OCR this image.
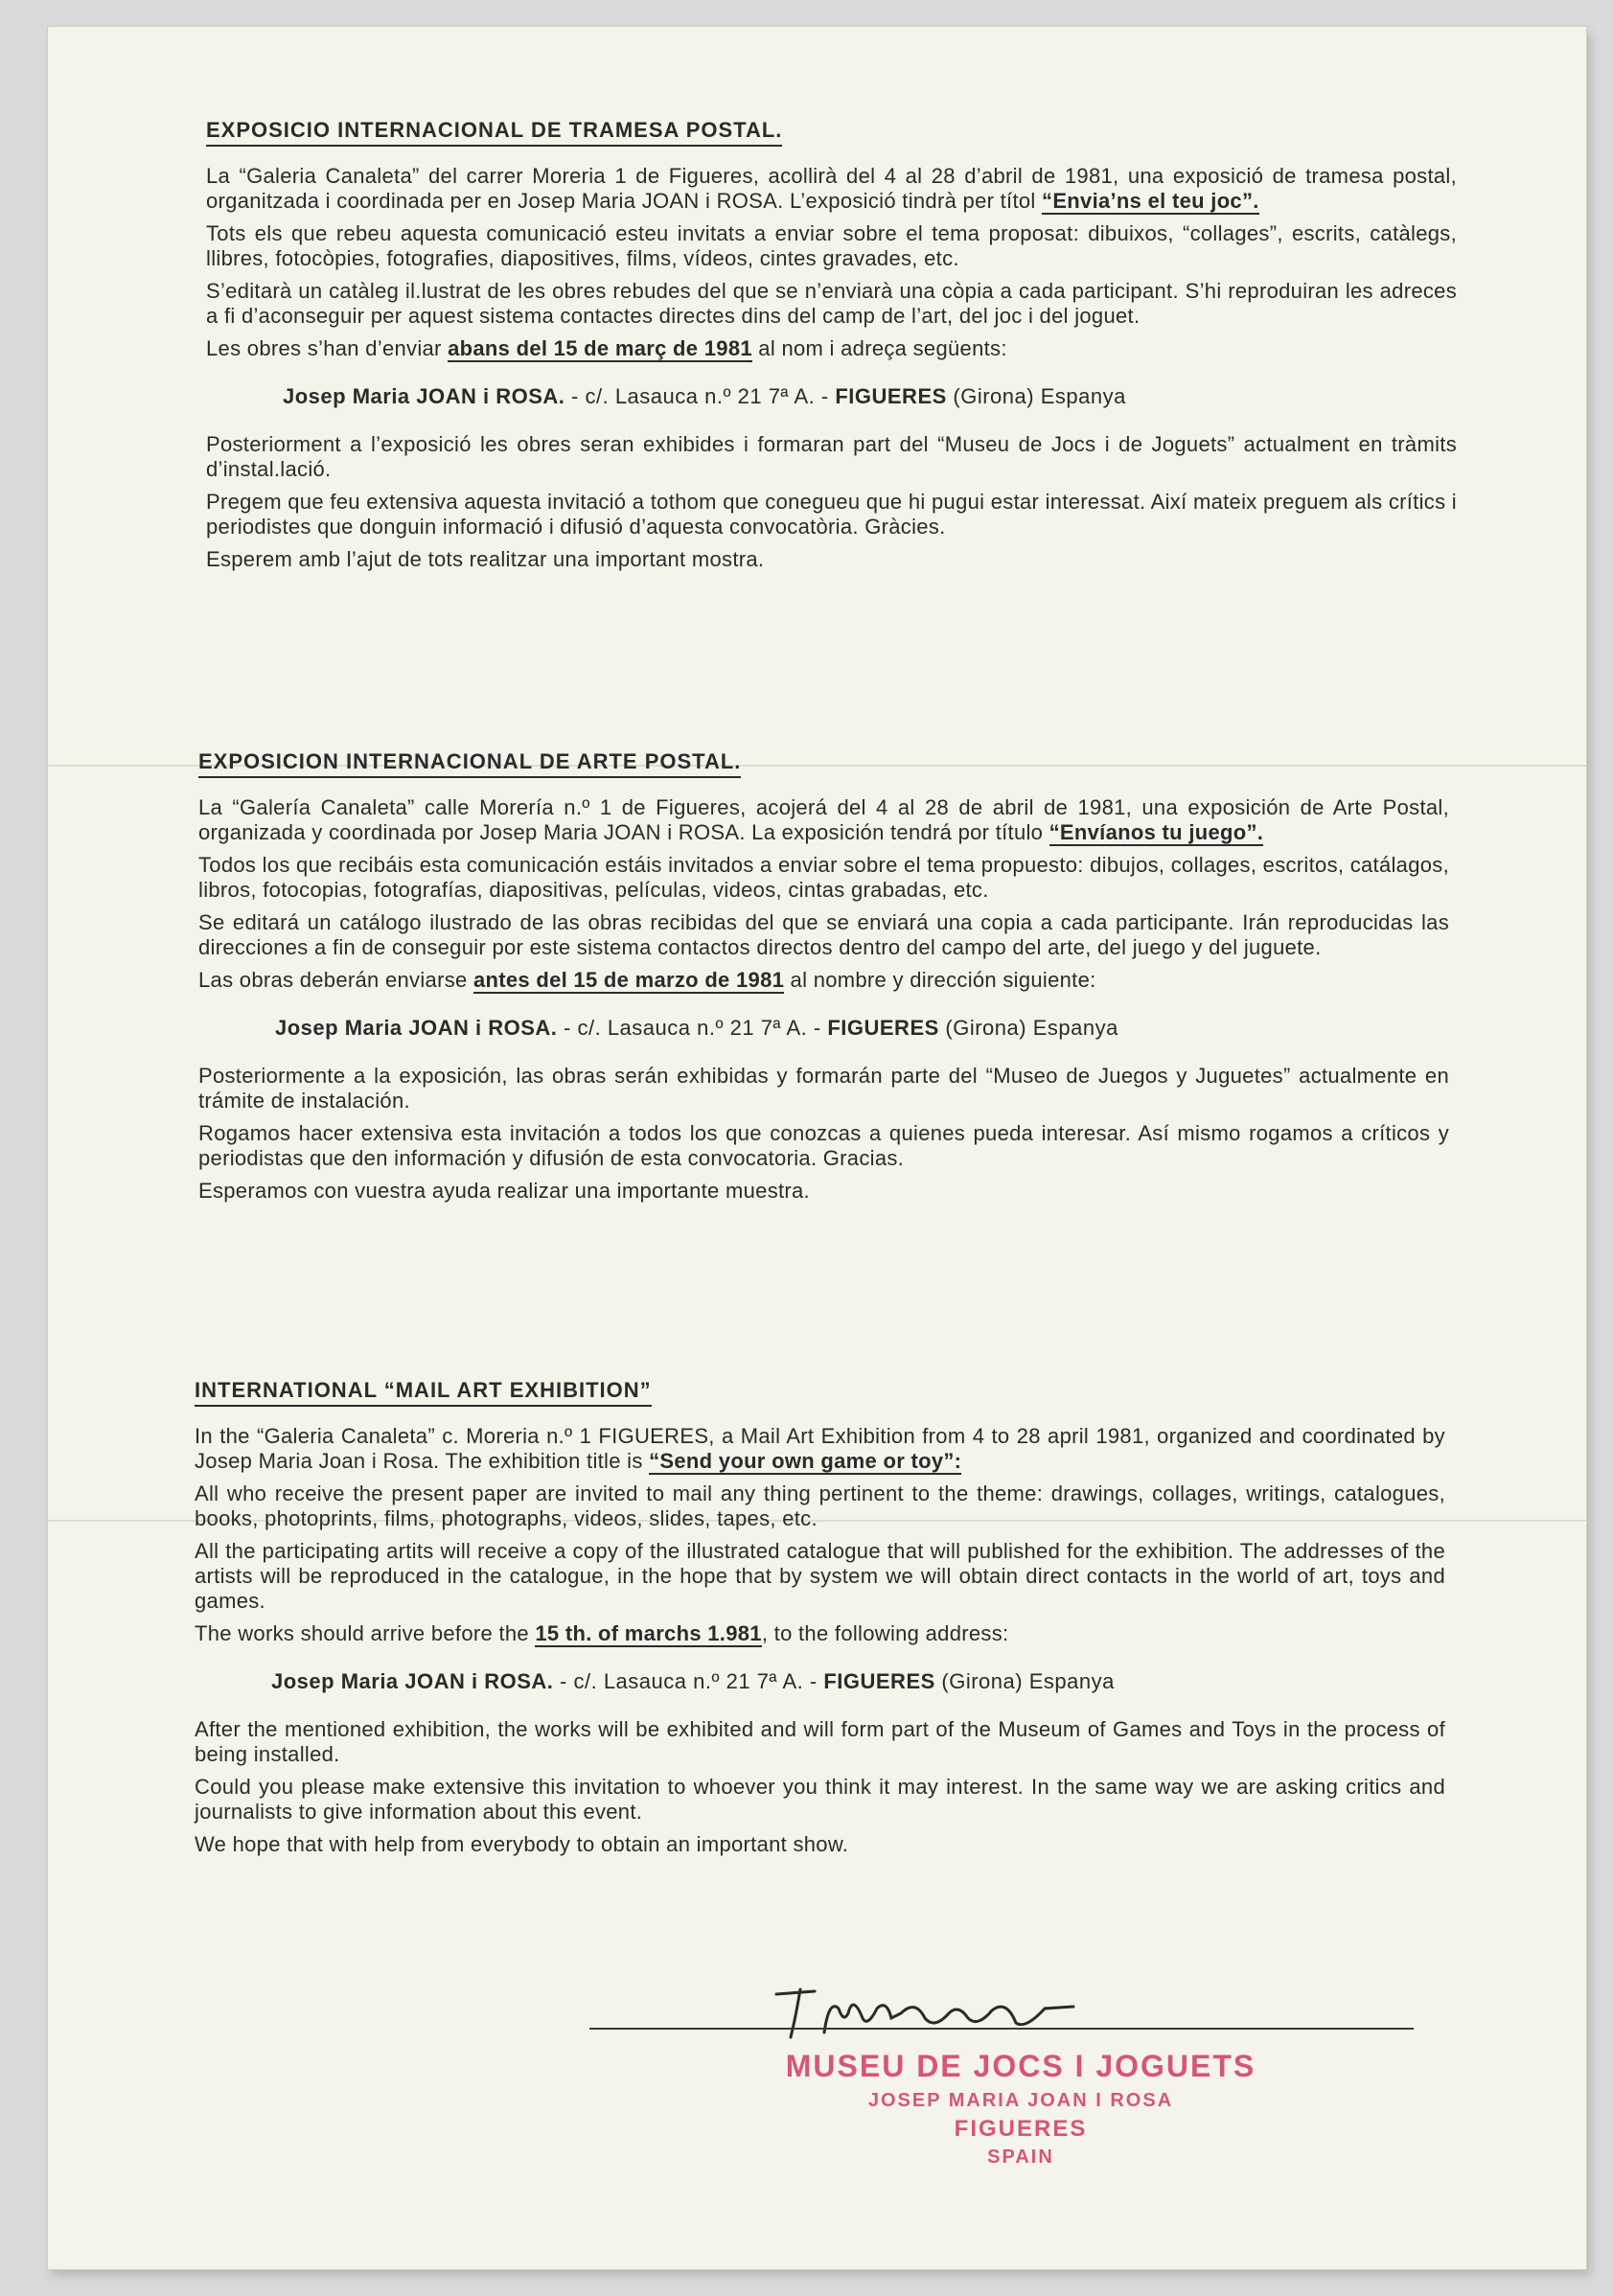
EXPOSICIO INTERNACIONAL DE TRAMESA POSTAL.

La “Galeria Canaleta” del carrer Moreria 1 de Figueres, acollirà del 4 al 28 d’abril de 1981, una exposició de tramesa postal, organitzada i coordinada per en Josep Maria JOAN i ROSA. L’exposició tindrà per títol “Envia’ns el teu joc”.

Tots els que rebeu aquesta comunicació esteu invitats a enviar sobre el tema proposat: dibuixos, “collages”, escrits, catàlegs, llibres, fotocòpies, fotografies, diapositives, films, vídeos, cintes gravades, etc.

S’editarà un catàleg il.lustrat de les obres rebudes del que se n’enviarà una còpia a cada participant. S’hi reproduiran les adreces a fi d’aconseguir per aquest sistema contactes directes dins del camp de l’art, del joc i del joguet.

Les obres s’han d’enviar abans del 15 de març de 1981 al nom i adreça següents:

Josep Maria JOAN i ROSA. - c/. Lasauca n.º 21 7ª A. - FIGUERES (Girona) Espanya

Posteriorment a l’exposició les obres seran exhibides i formaran part del “Museu de Jocs i de Joguets” actualment en tràmits d’instal.lació.

Pregem que feu extensiva aquesta invitació a tothom que conegueu que hi pugui estar interessat. Així mateix preguem als crítics i periodistes que donguin informació i difusió d’aquesta convocatòria. Gràcies.

Esperem amb l’ajut de tots realitzar una important mostra.

EXPOSICION INTERNACIONAL DE ARTE POSTAL.

La “Galería Canaleta” calle Morería n.º 1 de Figueres, acojerá del 4 al 28 de abril de 1981, una exposición de Arte Postal, organizada y coordinada por Josep Maria JOAN i ROSA. La exposición tendrá por título “Envíanos tu juego”.

Todos los que recibáis esta comunicación estáis invitados a enviar sobre el tema propuesto: dibujos, collages, escritos, catálagos, libros, fotocopias, fotografías, diapositivas, películas, videos, cintas grabadas, etc.

Se editará un catálogo ilustrado de las obras recibidas del que se enviará una copia a cada participante. Irán reproducidas las direcciones a fin de conseguir por este sistema contactos directos dentro del campo del arte, del juego y del juguete.

Las obras deberán enviarse antes del 15 de marzo de 1981 al nombre y dirección siguiente:

Josep Maria JOAN i ROSA. - c/. Lasauca n.º 21 7ª A. - FIGUERES (Girona) Espanya

Posteriormente a la exposición, las obras serán exhibidas y formarán parte del “Museo de Juegos y Juguetes” actualmente en trámite de instalación.

Rogamos hacer extensiva esta invitación a todos los que conozcas a quienes pueda interesar. Así mismo rogamos a críticos y periodistas que den información y difusión de esta convocatoria. Gracias.

Esperamos con vuestra ayuda realizar una importante muestra.

INTERNATIONAL “MAIL ART EXHIBITION”

In the “Galeria Canaleta” c. Moreria n.º 1 FIGUERES, a Mail Art Exhibition from 4 to 28 april 1981, organized and coordinated by Josep Maria Joan i Rosa. The exhibition title is “Send your own game or toy”:

All who receive the present paper are invited to mail any thing pertinent to the theme: drawings, collages, writings, catalogues, books, photoprints, films, photographs, videos, slides, tapes, etc.

All the participating artits will receive a copy of the illustrated catalogue that will published for the exhibition. The addresses of the artists will be reproduced in the catalogue, in the hope that by system we will obtain direct contacts in the world of art, toys and games.

The works should arrive before the 15 th. of marchs 1.981, to the following address:

Josep Maria JOAN i ROSA. - c/. Lasauca n.º 21 7ª A. - FIGUERES (Girona) Espanya

After the mentioned exhibition, the works will be exhibited and will form part of the Museum of Games and Toys in the process of being installed.

Could you please make extensive this invitation to whoever you think it may interest. In the same way we are asking critics and journalists to give information about this event.

We hope that with help from everybody to obtain an important show.

MUSEU DE JOCS I JOGUETS
JOSEP MARIA JOAN I ROSA
FIGUERES
SPAIN
